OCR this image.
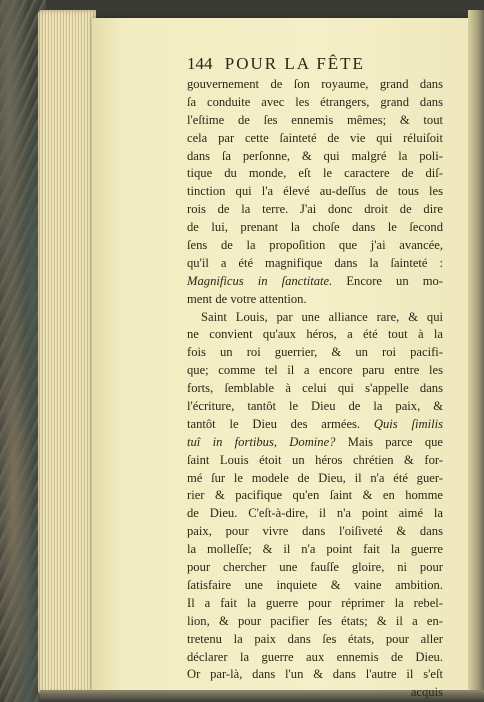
144 POUR LA FÊTE
gouvernement de ſon royaume, grand dans
ſa conduite avec les étrangers, grand dans
l'eſtime de ſes ennemis mêmes; & tout
cela par cette ſainteté de vie qui réluiſoit
dans ſa perſonne, & qui malgré la poli-
tique du monde, eſt le caractere de diſ-
tinction qui l'a élevé au-deſſus de tous les
rois de la terre. J'ai donc droit de dire
de lui, prenant la choſe dans le ſecond
ſens de la propoſition que j'ai avancée,
qu'il a été magnifique dans la ſainteté :
Magnificus in ſanctitate. Encore un mo-
ment de votre attention.
Saint Louis, par une alliance rare, & qui
ne convient qu'aux héros, a été tout à la
fois un roi guerrier, & un roi pacifi-
que; comme tel il a encore paru entre les
forts, ſemblable à celui qui s'appelle dans
l'écriture, tantôt le Dieu de la paix, &
tantôt le Dieu des armées. Quis ſimilis
tuî in fortibus, Domine? Mais parce que
ſaint Louis étoit un héros chrétien & for-
mé ſur le modele de Dieu, il n'a été guer-
rier & pacifique qu'en ſaint & en homme
de Dieu. C'eſt-à-dire, il n'a point aimé la
paix, pour vivre dans l'oiſiveté & dans
la molleſſe; & il n'a point fait la guerre
pour chercher une fauſſe gloire, ni pour
ſatisfaire une inquiete & vaine ambition.
Il a fait la guerre pour réprimer la rebel-
lion, & pour pacifier ſes états; & il a en-
tretenu la paix dans ſes états, pour aller
déclarer la guerre aux ennemis de Dieu.
Or par-là, dans l'un & dans l'autre il s'eſt
acquis
